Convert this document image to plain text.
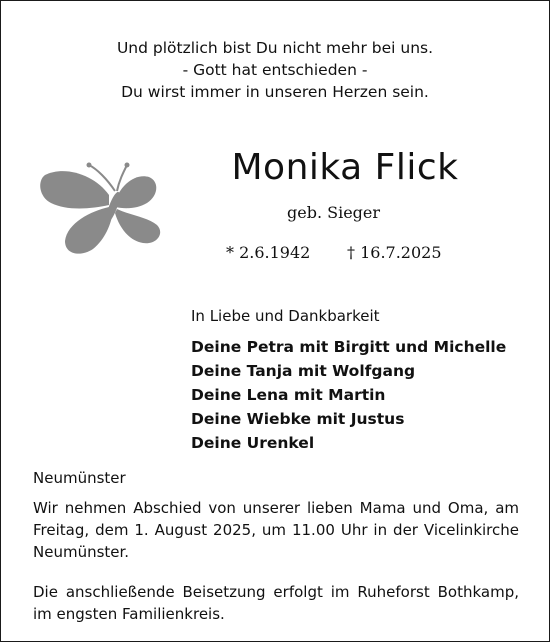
Und plötzlich bist Du nicht mehr bei uns.
- Gott hat entschieden -
Du wirst immer in unseren Herzen sein.
Monika Flick
geb. Sieger
* 2.6.1942 † 16.7.2025
In Liebe und Dankbarkeit
Deine Petra mit Birgitt und Michelle
Deine Tanja mit Wolfgang
Deine Lena mit Martin
Deine Wiebke mit Justus
Deine Urenkel
Neumünster
Wir nehmen Abschied von unserer lieben Mama und Oma, am Freitag, dem 1. August 2025, um 11.00 Uhr in der Vicelinkirche Neumünster.
Die anschließende Beisetzung erfolgt im Ruheforst Bothkamp, im engsten Familienkreis.
